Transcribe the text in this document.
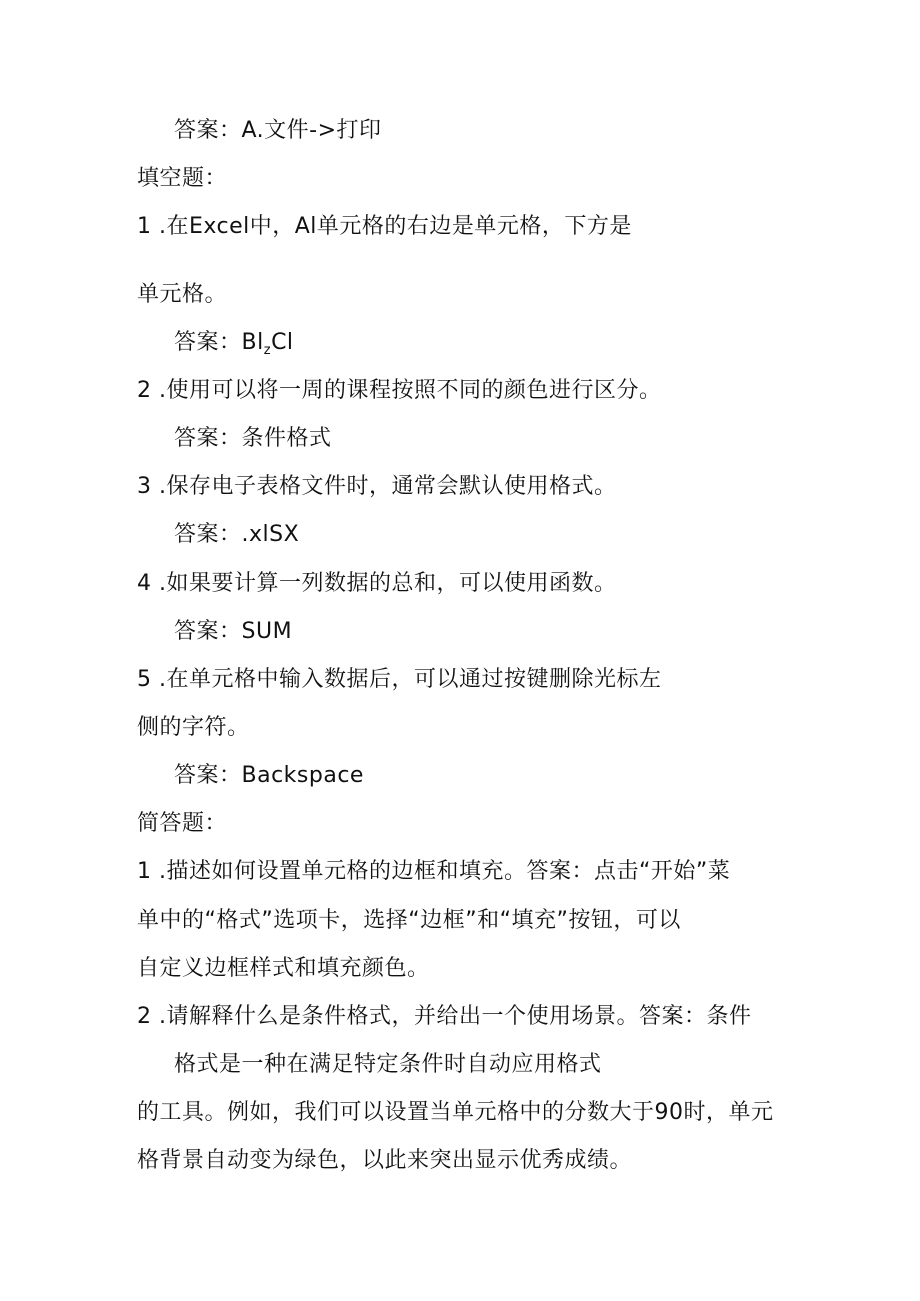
答案：A.文件->打印
填空题：
1 .在Excel中，Al单元格的右边是单元格，下方是
单元格。
答案：$Bl_zCl$
2 .使用可以将一周的课程按照不同的颜色进行区分。
答案：条件格式
3 .保存电子表格文件时，通常会默认使用格式。
答案：.xlSX
4 .如果要计算一列数据的总和，可以使用函数。
答案：SUM
5 .在单元格中输入数据后，可以通过按键删除光标左
侧的字符。
答案：Backspace
简答题：
1 .描述如何设置单元格的边框和填充。答案：点击“开始”菜
单中的“格式”选项卡，选择“边框”和“填充”按钮，可以
自定义边框样式和填充颜色。
2 .请解释什么是条件格式，并给出一个使用场景。答案：条件
格式是一种在满足特定条件时自动应用格式
的工具。例如，我们可以设置当单元格中的分数大于90时，单元
格背景自动变为绿色，以此来突出显示优秀成绩。
